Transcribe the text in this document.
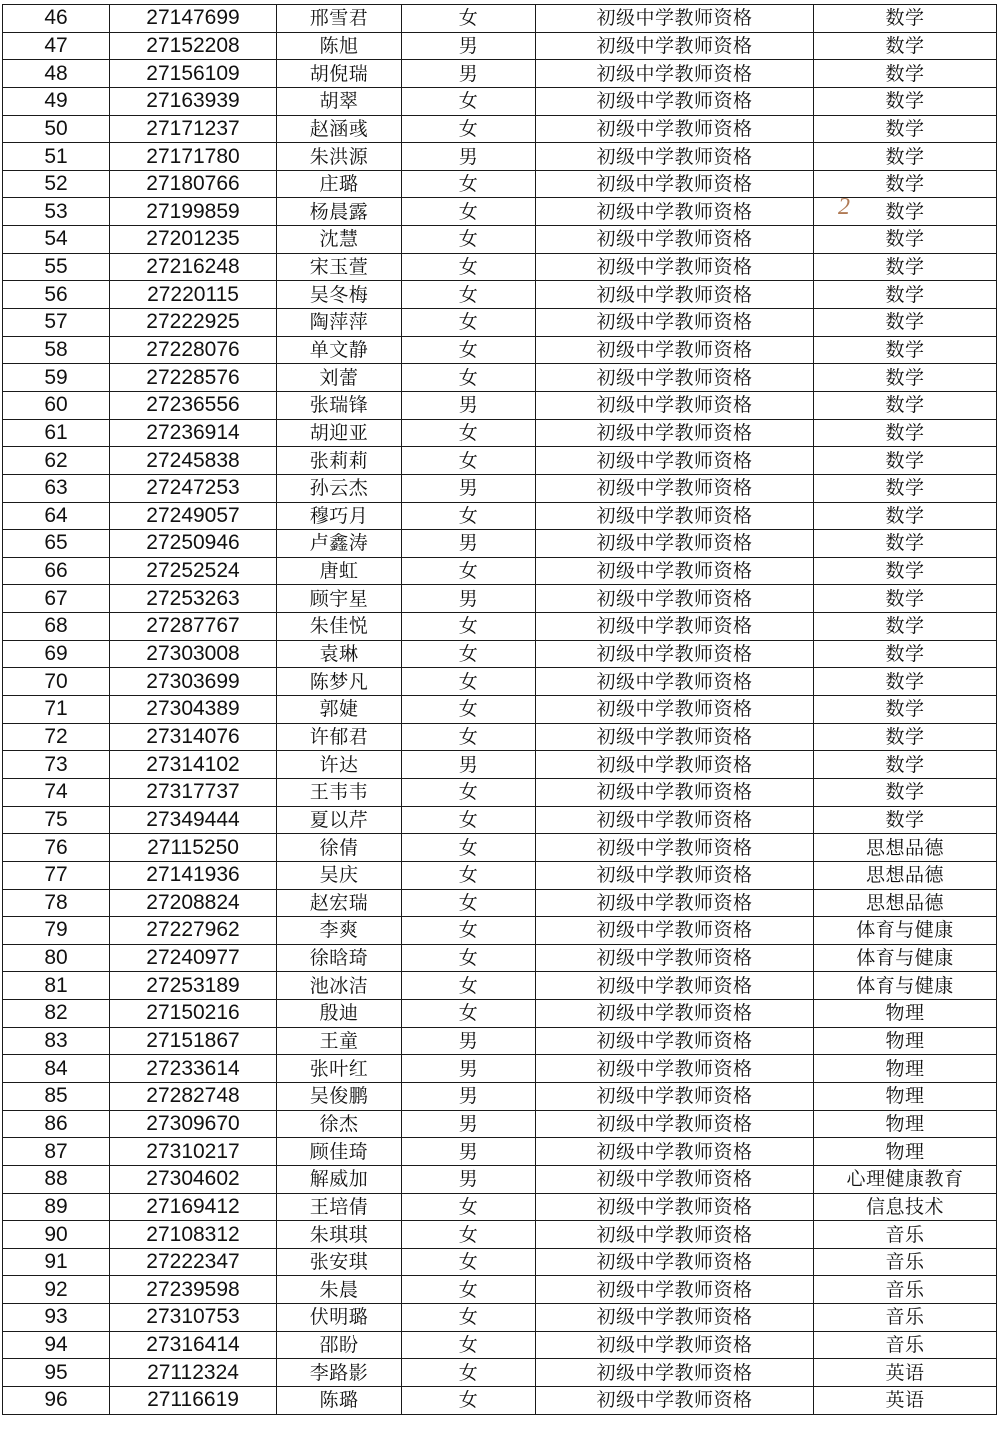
46	27147699	邢雪君	女	初级中学教师资格	数学
47	27152208	陈旭	男	初级中学教师资格	数学
48	27156109	胡倪瑞	男	初级中学教师资格	数学
49	27163939	胡翠	女	初级中学教师资格	数学
50	27171237	赵涵彧	女	初级中学教师资格	数学
51	27171780	朱洪源	男	初级中学教师资格	数学
52	27180766	庄璐	女	初级中学教师资格	数学
53	27199859	杨晨露	女	初级中学教师资格	数学
54	27201235	沈慧	女	初级中学教师资格	数学
55	27216248	宋玉萱	女	初级中学教师资格	数学
56	27220115	吴冬梅	女	初级中学教师资格	数学
57	27222925	陶萍萍	女	初级中学教师资格	数学
58	27228076	单文静	女	初级中学教师资格	数学
59	27228576	刘蕾	女	初级中学教师资格	数学
60	27236556	张瑞锋	男	初级中学教师资格	数学
61	27236914	胡迎亚	女	初级中学教师资格	数学
62	27245838	张莉莉	女	初级中学教师资格	数学
63	27247253	孙云杰	男	初级中学教师资格	数学
64	27249057	穆巧月	女	初级中学教师资格	数学
65	27250946	卢鑫涛	男	初级中学教师资格	数学
66	27252524	唐虹	女	初级中学教师资格	数学
67	27253263	顾宇星	男	初级中学教师资格	数学
68	27287767	朱佳悦	女	初级中学教师资格	数学
69	27303008	袁琳	女	初级中学教师资格	数学
70	27303699	陈梦凡	女	初级中学教师资格	数学
71	27304389	郭婕	女	初级中学教师资格	数学
72	27314076	许郁君	女	初级中学教师资格	数学
73	27314102	许达	男	初级中学教师资格	数学
74	27317737	王韦韦	女	初级中学教师资格	数学
75	27349444	夏以芹	女	初级中学教师资格	数学
76	27115250	徐倩	女	初级中学教师资格	思想品德
77	27141936	吴庆	女	初级中学教师资格	思想品德
78	27208824	赵宏瑞	女	初级中学教师资格	思想品德
79	27227962	李爽	女	初级中学教师资格	体育与健康
80	27240977	徐晗琦	女	初级中学教师资格	体育与健康
81	27253189	池冰洁	女	初级中学教师资格	体育与健康
82	27150216	殷迪	女	初级中学教师资格	物理
83	27151867	王童	男	初级中学教师资格	物理
84	27233614	张叶红	男	初级中学教师资格	物理
85	27282748	吴俊鹏	男	初级中学教师资格	物理
86	27309670	徐杰	男	初级中学教师资格	物理
87	27310217	顾佳琦	男	初级中学教师资格	物理
88	27304602	解威加	男	初级中学教师资格	心理健康教育
89	27169412	王培倩	女	初级中学教师资格	信息技术
90	27108312	朱琪琪	女	初级中学教师资格	音乐
91	27222347	张安琪	女	初级中学教师资格	音乐
92	27239598	朱晨	女	初级中学教师资格	音乐
93	27310753	伏明璐	女	初级中学教师资格	音乐
94	27316414	邵盼	女	初级中学教师资格	音乐
95	27112324	李路影	女	初级中学教师资格	英语
96	27116619	陈璐	女	初级中学教师资格	英语
2
